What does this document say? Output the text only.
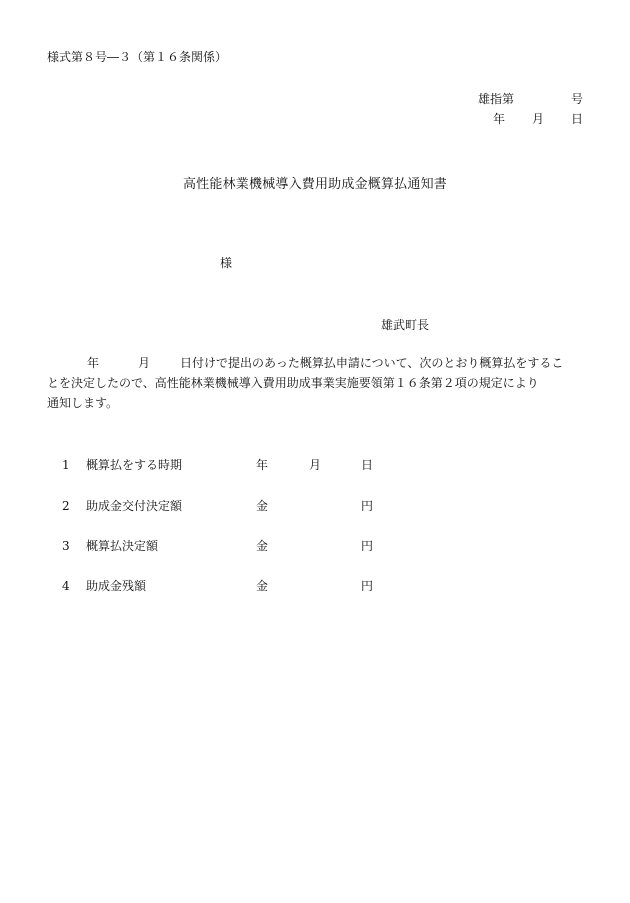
様式第８号―３（第１６条関係）
雄指第	号
年 月 日
高性能林業機械導入費用助成金概算払通知書
様
雄武町長
年	月	日付けで提出のあった概算払申請について、次のとおり概算払をするこ
とを決定したので、高性能林業機械導入費用助成事業実施要領第１６条第２項の規定により
通知します。
1 概算払をする時期	年	月	日
2 助成金交付決定額	金	円
3 概算払決定額	金	円
4 助成金残額	金	円
